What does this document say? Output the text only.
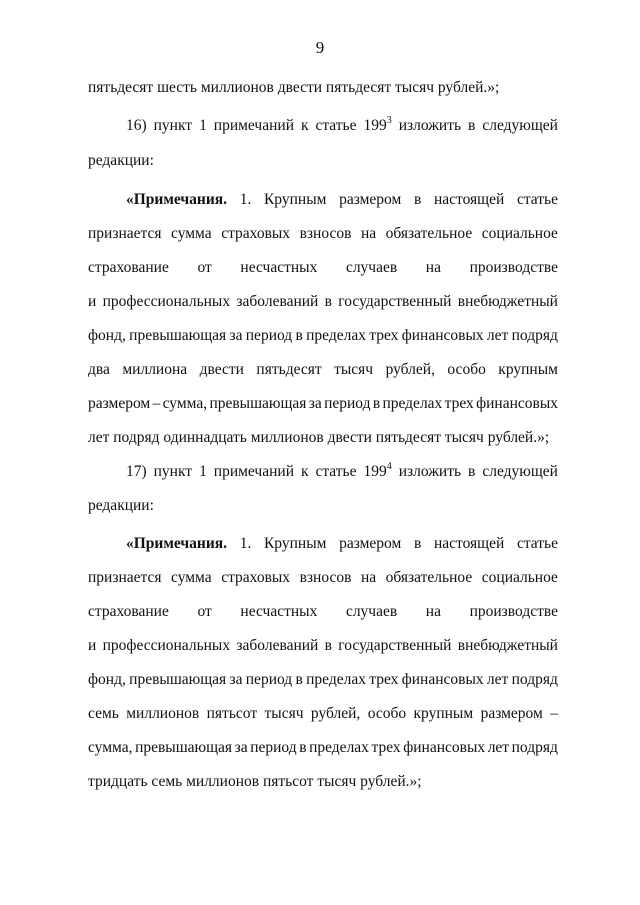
9
пятьдесят шесть миллионов двести пятьдесят тысяч рублей.»;
16) пункт 1 примечаний к статье $199^3$ изложить в следующей
редакции:
«Примечания. 1. Крупным размером в настоящей статье
признается сумма страховых взносов на обязательное социальное
страхование от несчастных случаев на производстве
и профессиональных заболеваний в государственный внебюджетный
фонд, превышающая за период в пределах трех финансовых лет подряд
два миллиона двести пятьдесят тысяч рублей, особо крупным
размером – сумма, превышающая за период в пределах трех финансовых
лет подряд одиннадцать миллионов двести пятьдесят тысяч рублей.»;
17) пункт 1 примечаний к статье $199^4$ изложить в следующей
редакции:
«Примечания. 1. Крупным размером в настоящей статье
признается сумма страховых взносов на обязательное социальное
страхование от несчастных случаев на производстве
и профессиональных заболеваний в государственный внебюджетный
фонд, превышающая за период в пределах трех финансовых лет подряд
семь миллионов пятьсот тысяч рублей, особо крупным размером –
сумма, превышающая за период в пределах трех финансовых лет подряд
тридцать семь миллионов пятьсот тысяч рублей.»;
